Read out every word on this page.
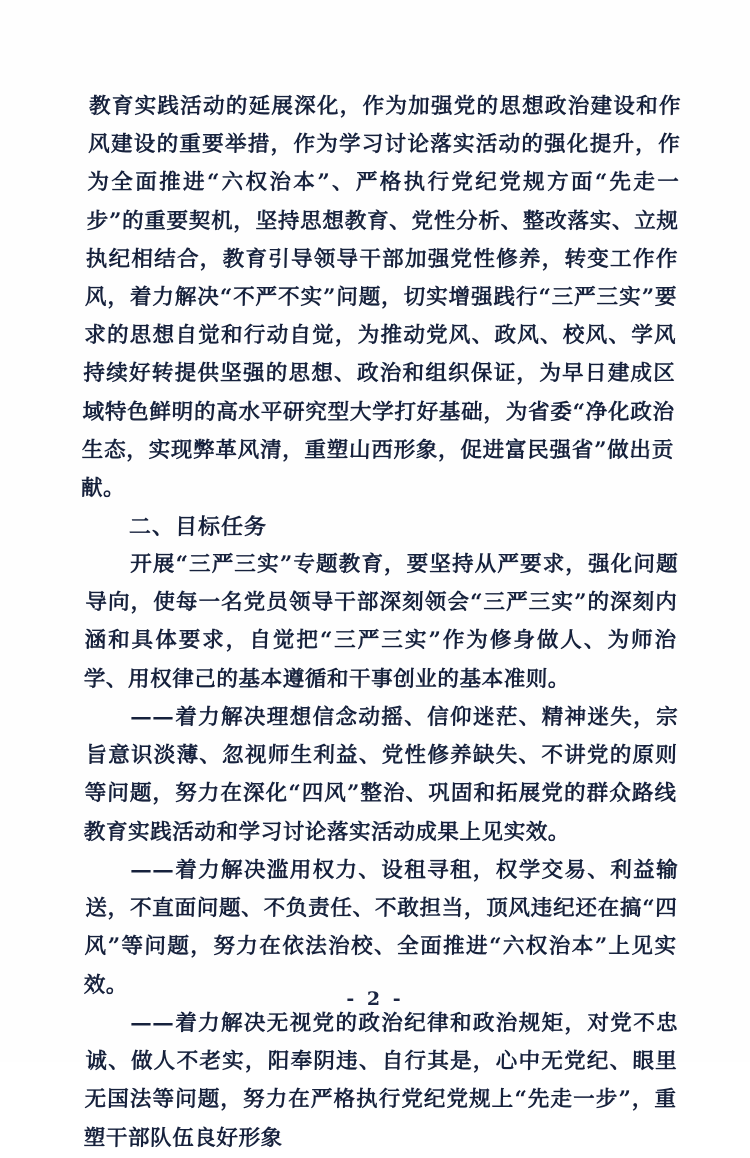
教育实践活动的延展深化，作为加强党的思想政治建设和作风建设的重要举措，作为学习讨论落实活动的强化提升，作为全面推进“六权治本”、严格执行党纪党规方面“先走一步”的重要契机，坚持思想教育、党性分析、整改落实、立规执纪相结合，教育引导领导干部加强党性修养，转变工作作风，着力解决“不严不实”问题，切实增强践行“三严三实”要求的思想自觉和行动自觉，为推动党风、政风、校风、学风持续好转提供坚强的思想、政治和组织保证，为早日建成区域特色鲜明的高水平研究型大学打好基础，为省委“净化政治生态，实现弊革风清，重塑山西形象，促进富民强省”做出贡献。

二、目标任务

开展“三严三实”专题教育，要坚持从严要求，强化问题导向，使每一名党员领导干部深刻领会“三严三实”的深刻内涵和具体要求，自觉把“三严三实”作为修身做人、为师治学、用权律己的基本遵循和干事创业的基本准则。

——着力解决理想信念动摇、信仰迷茫、精神迷失，宗旨意识淡薄、忽视师生利益、党性修养缺失、不讲党的原则等问题，努力在深化“四风”整治、巩固和拓展党的群众路线教育实践活动和学习讨论落实活动成果上见实效。

——着力解决滥用权力、设租寻租，权学交易、利益输送，不直面问题、不负责任、不敢担当，顶风违纪还在搞“四风”等问题，努力在依法治校、全面推进“六权治本”上见实效。

——着力解决无视党的政治纪律和政治规矩，对党不忠诚、做人不老实，阳奉阴违、自行其是，心中无党纪、眼里无国法等问题，努力在严格执行党纪党规上“先走一步”，重塑干部队伍良好形象

- 2 -
